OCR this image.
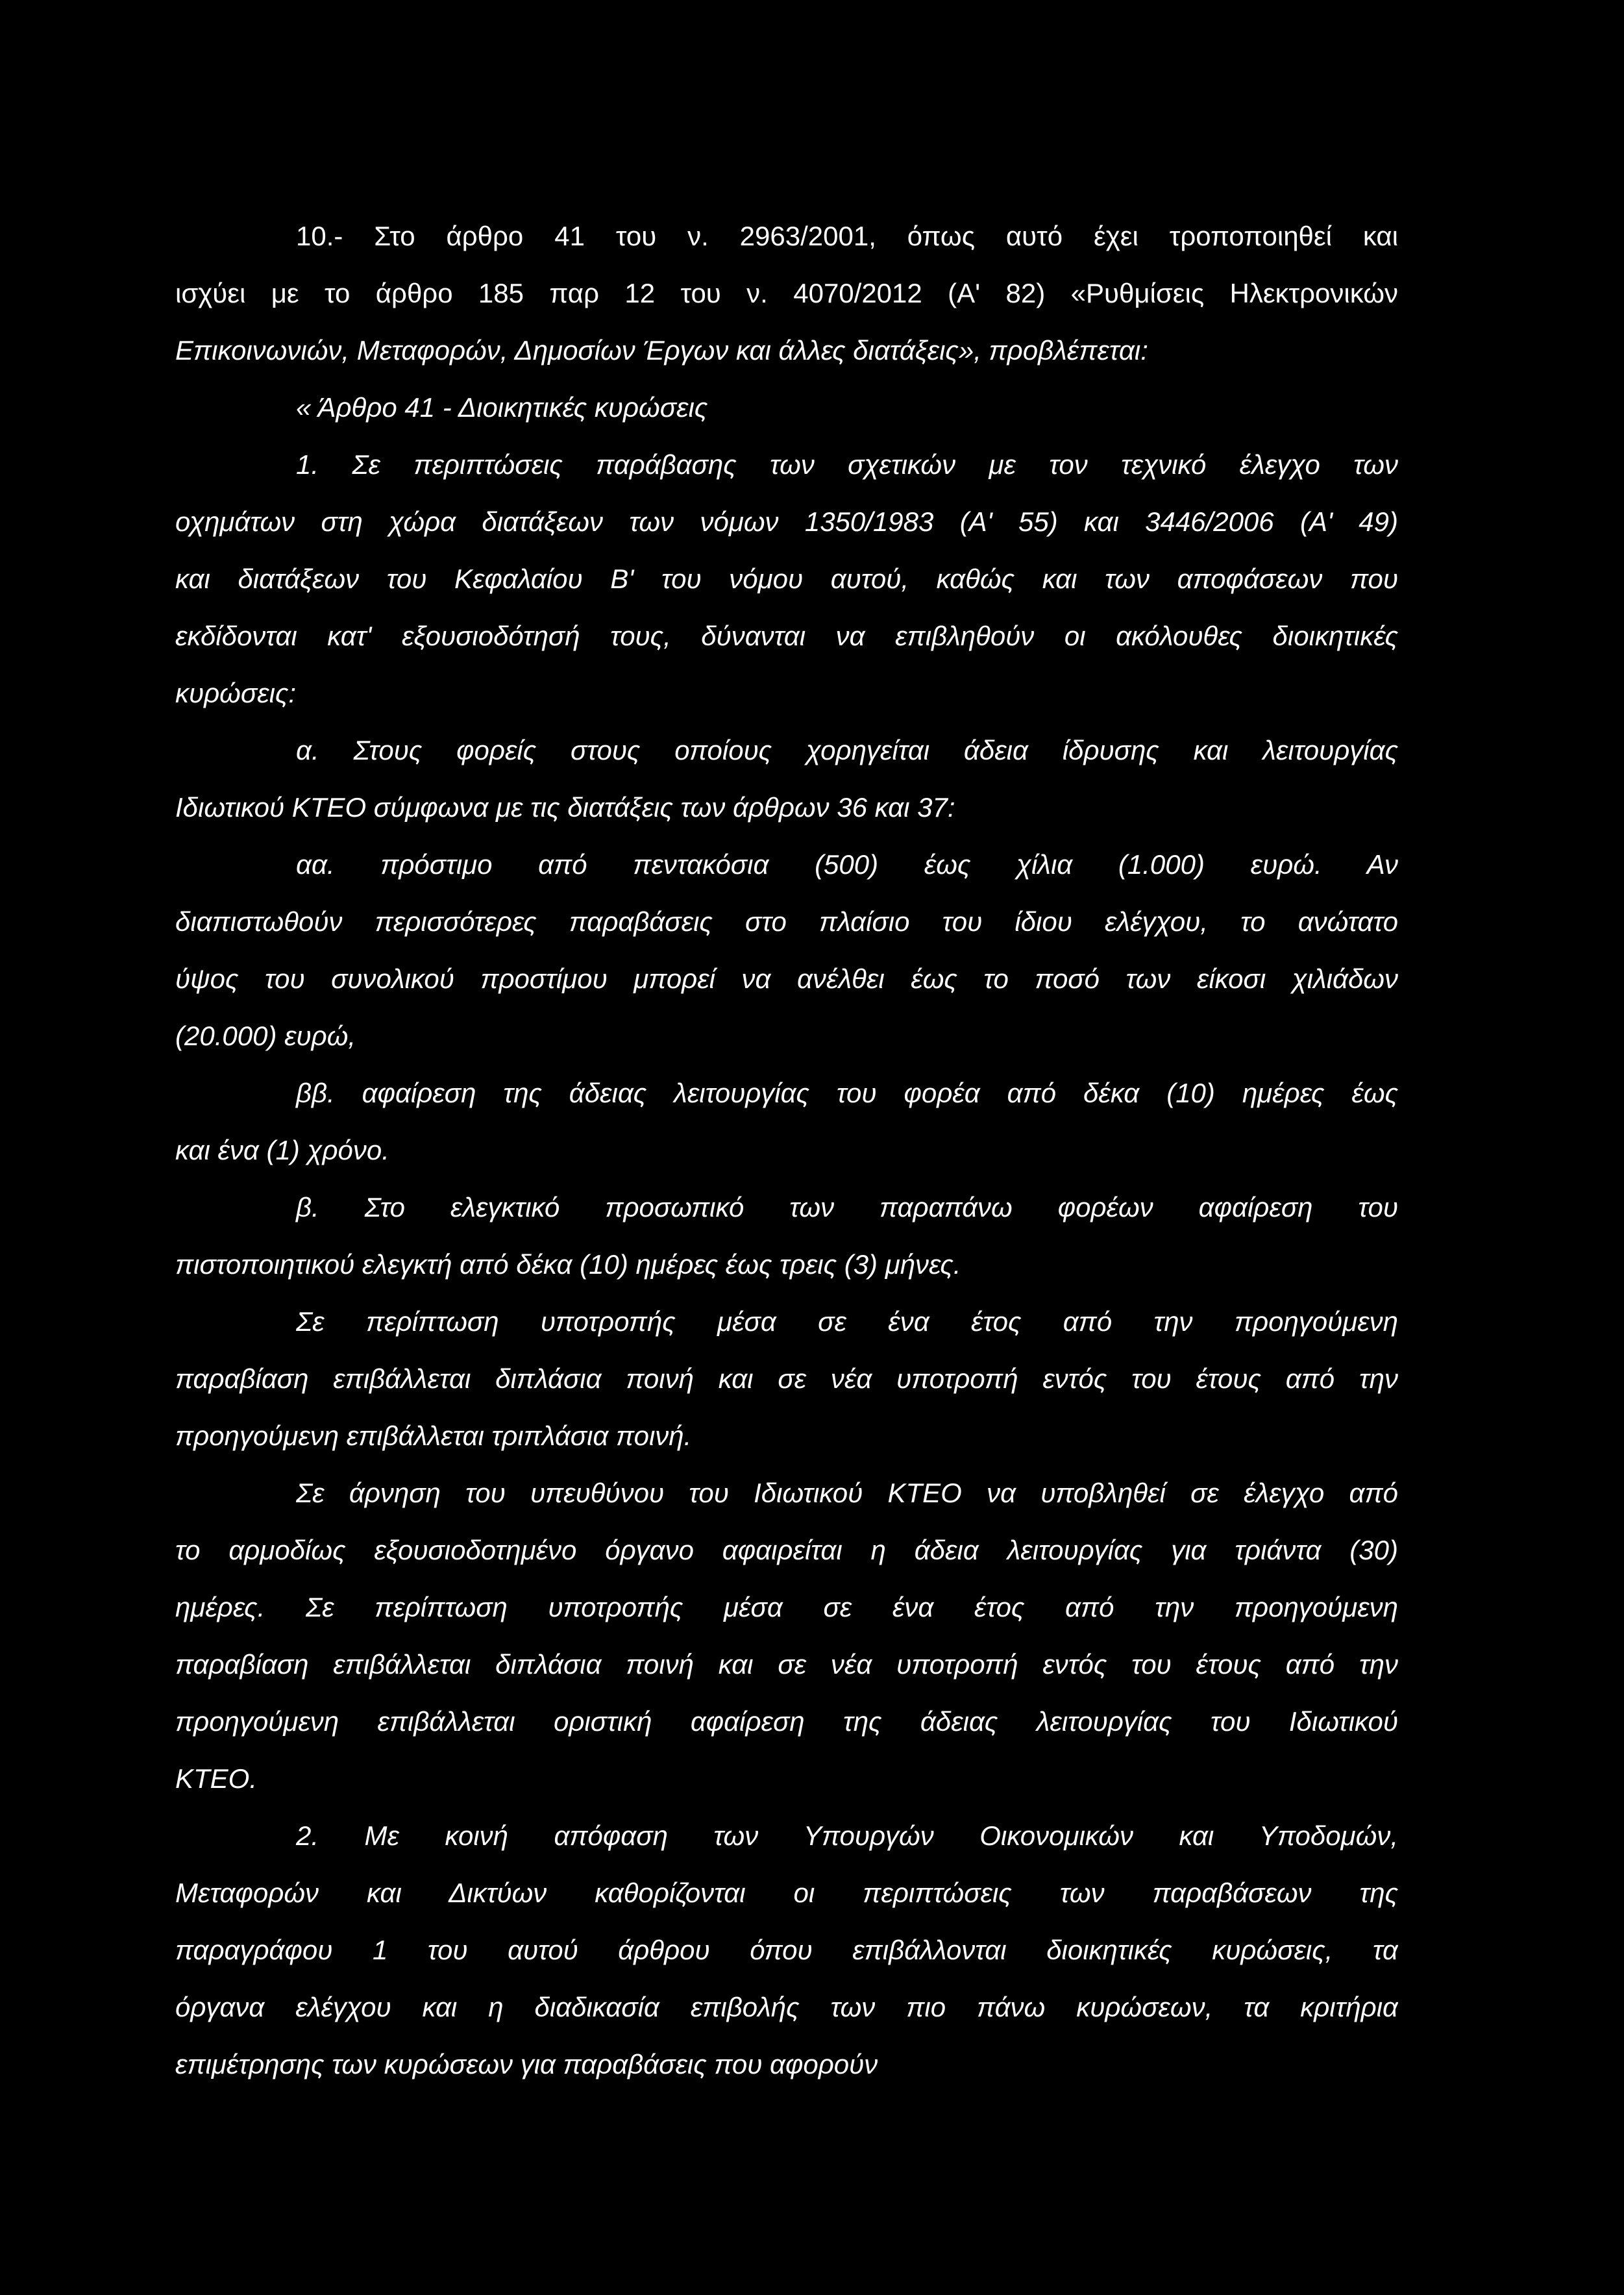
10.- Στο άρθρο 41 του ν. 2963/2001, όπως αυτό έχει τροποποιηθεί και
ισχύει με το άρθρο 185 παρ 12 του ν. 4070/2012 (Α' 82) «Ρυθμίσεις Ηλεκτρονικών
Επικοινωνιών, Μεταφορών, Δημοσίων Έργων και άλλες διατάξεις», προβλέπεται:
« Άρθρο 41 - Διοικητικές κυρώσεις
1. Σε περιπτώσεις παράβασης των σχετικών με τον τεχνικό έλεγχο των
οχημάτων στη χώρα διατάξεων των νόμων 1350/1983 (Α' 55) και 3446/2006 (Α' 49)
και διατάξεων του Κεφαλαίου Β' του νόμου αυτού, καθώς και των αποφάσεων που
εκδίδονται κατ' εξουσιοδότησή τους, δύνανται να επιβληθούν οι ακόλουθες διοικητικές
κυρώσεις:
α. Στους φορείς στους οποίους χορηγείται άδεια ίδρυσης και λειτουργίας
Ιδιωτικού ΚΤΕΟ σύμφωνα με τις διατάξεις των άρθρων 36 και 37:
αα. πρόστιμο από πεντακόσια (500) έως χίλια (1.000) ευρώ. Αν
διαπιστωθούν περισσότερες παραβάσεις στο πλαίσιο του ίδιου ελέγχου, το ανώτατο
ύψος του συνολικού προστίμου μπορεί να ανέλθει έως το ποσό των είκοσι χιλιάδων
(20.000) ευρώ,
ββ. αφαίρεση της άδειας λειτουργίας του φορέα από δέκα (10) ημέρες έως
και ένα (1) χρόνο.
β. Στο ελεγκτικό προσωπικό των παραπάνω φορέων αφαίρεση του
πιστοποιητικού ελεγκτή από δέκα (10) ημέρες έως τρεις (3) μήνες.
Σε περίπτωση υποτροπής μέσα σε ένα έτος από την προηγούμενη
παραβίαση επιβάλλεται διπλάσια ποινή και σε νέα υποτροπή εντός του έτους από την
προηγούμενη επιβάλλεται τριπλάσια ποινή.
Σε άρνηση του υπευθύνου του Ιδιωτικού ΚΤΕΟ να υποβληθεί σε έλεγχο από
το αρμοδίως εξουσιοδοτημένο όργανο αφαιρείται η άδεια λειτουργίας για τριάντα (30)
ημέρες. Σε περίπτωση υποτροπής μέσα σε ένα έτος από την προηγούμενη
παραβίαση επιβάλλεται διπλάσια ποινή και σε νέα υποτροπή εντός του έτους από την
προηγούμενη επιβάλλεται οριστική αφαίρεση της άδειας λειτουργίας του Ιδιωτικού
ΚΤΕΟ.
2. Με κοινή απόφαση των Υπουργών Οικονομικών και Υποδομών,
Μεταφορών και Δικτύων καθορίζονται οι περιπτώσεις των παραβάσεων της
παραγράφου 1 του αυτού άρθρου όπου επιβάλλονται διοικητικές κυρώσεις, τα
όργανα ελέγχου και η διαδικασία επιβολής των πιο πάνω κυρώσεων, τα κριτήρια
επιμέτρησης των κυρώσεων για παραβάσεις που αφορούν
